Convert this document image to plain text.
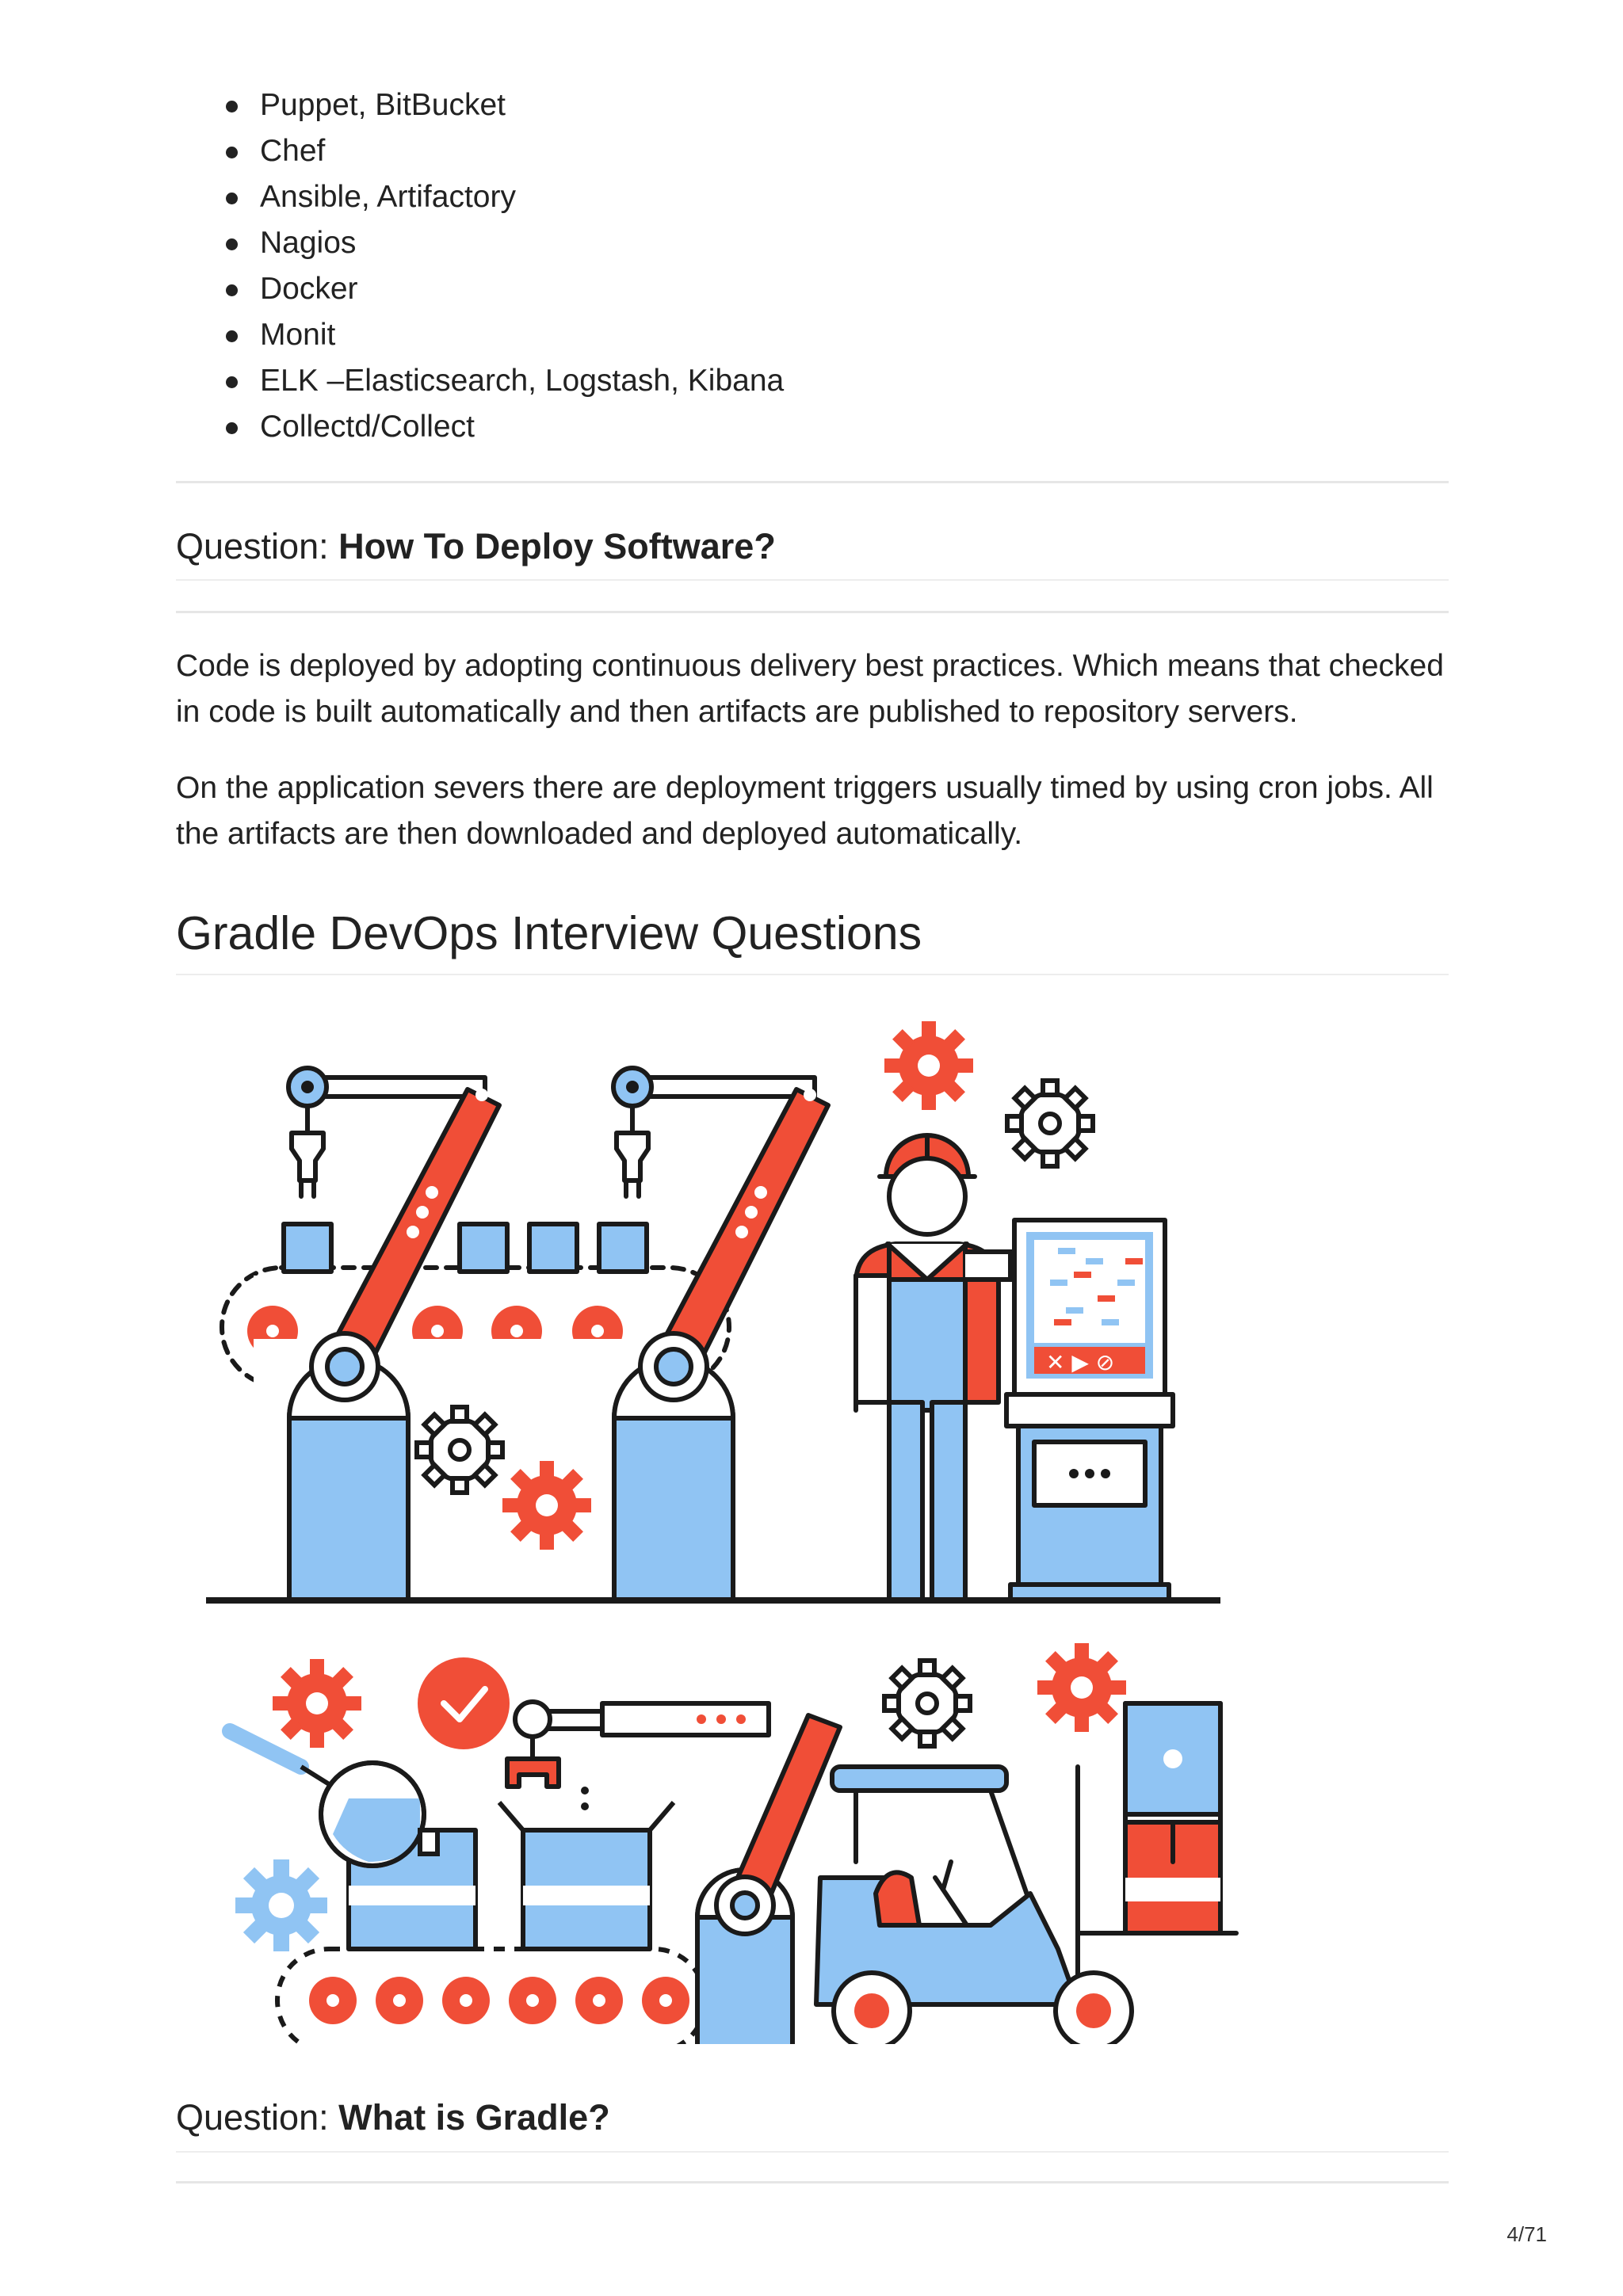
Puppet, BitBucket
Chef
Ansible, Artifactory
Nagios
Docker
Monit
ELK –Elasticsearch, Logstash, Kibana
Collectd/Collect
Question: How To Deploy Software?

Code is deployed by adopting continuous delivery best practices. Which means that checked in code is built automatically and then artifacts are published to repository servers.

On the application severs there are deployment triggers usually timed by using cron jobs. All the artifacts are then downloaded and deployed automatically.

Gradle DevOps Interview Questions
✕ ▶ ⊘
Question: What is Gradle?
4/71
